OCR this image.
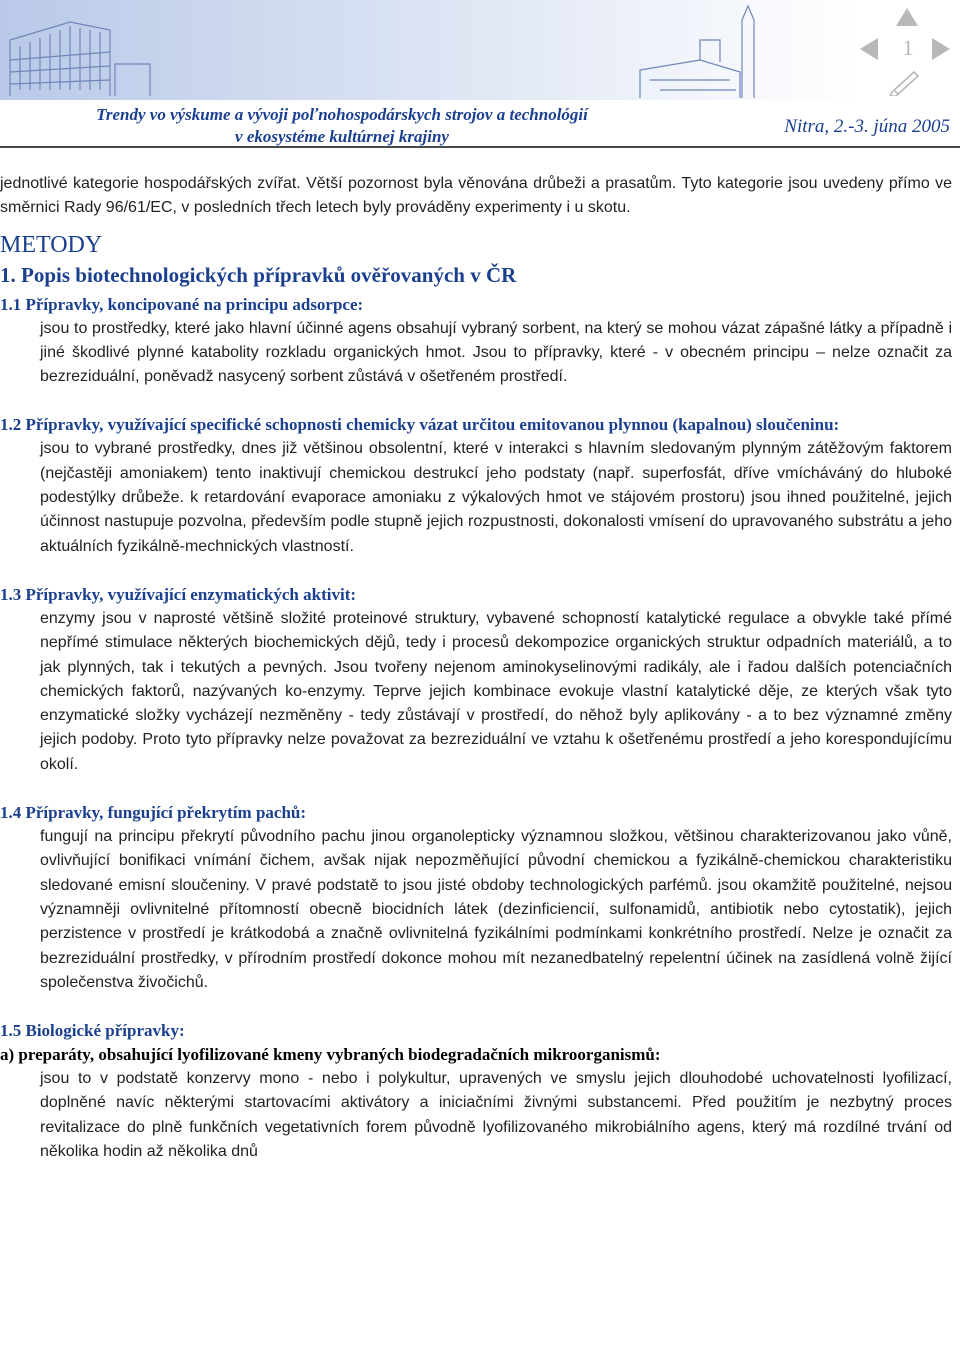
Trendy vo výskume a vývoji poľnohospodárskych strojov a technológií
v ekosystéme kultúrnej krajiny	Nitra, 2.-3. júna 2005
1

jednotlivé kategorie hospodářských zvířat. Větší pozornost byla věnována drůbeži a prasatům. Tyto kategorie jsou uvedeny přímo ve směrnici Rady 96/61/EC, v posledních třech letech byly prováděny experimenty i u skotu.

METODY
1. Popis biotechnologických přípravků ověřovaných v ČR
1.1 Přípravky, koncipované na principu adsorpce:

jsou to prostředky, které jako hlavní účinné agens obsahují vybraný sorbent, na který se mohou vázat zápašné látky a případně i jiné škodlivé plynné katabolity rozkladu organických hmot. Jsou to přípravky, které - v obecném principu – nelze označit za bezreziduální, poněvadž nasycený sorbent zůstává v ošetřeném prostředí.

1.2 Přípravky, využívající specifické schopnosti chemicky vázat určitou emitovanou plynnou (kapalnou) sloučeninu:

jsou to vybrané prostředky, dnes již většinou obsolentní, které v interakci s hlavním sledovaným plynným zátěžovým faktorem (nejčastěji amoniakem) tento inaktivují chemickou destrukcí jeho podstaty (např. superfosfát, dříve vmícháváný do hluboké podestýlky drůbeže. k retardování evaporace amoniaku z výkalových hmot ve stájovém prostoru) jsou ihned použitelné, jejich účinnost nastupuje pozvolna, především podle stupně jejich rozpustnosti, dokonalosti vmísení do upravovaného substrátu a jeho aktuálních fyzikálně-mechnických vlastností.

1.3 Přípravky, využívající enzymatických aktivit:

enzymy jsou v naprosté většině složité proteinové struktury, vybavené schopností katalytické regulace a obvykle také přímé nepřímé stimulace některých biochemických dějů, tedy i procesů dekompozice organických struktur odpadních materiálů, a to jak plynných, tak i tekutých a pevných. Jsou tvořeny nejenom aminokyselinovými radikály, ale i řadou dalších potenciačních chemických faktorů, nazývaných ko-enzymy. Teprve jejich kombinace evokuje vlastní katalytické děje, ze kterých však tyto enzymatické složky vycházejí nezměněny - tedy zůstávají v prostředí, do něhož byly aplikovány - a to bez významné změny jejich podoby. Proto tyto přípravky nelze považovat za bezreziduální ve vztahu k ošetřenému prostředí a jeho korespondujícímu okolí.

1.4 Přípravky, fungující překrytím pachů:

fungují na principu překrytí původního pachu jinou organolepticky významnou složkou, většinou charakterizovanou jako vůně, ovlivňující bonifikaci vnímání čichem, avšak nijak nepozměňující původní chemickou a fyzikálně-chemickou charakteristiku sledované emisní sloučeniny. V pravé podstatě to jsou jisté obdoby technologických parfémů. jsou okamžitě použitelné, nejsou významněji ovlivnitelné přítomností obecně biocidních látek (dezinficiencií, sulfonamidů, antibiotik nebo cytostatik), jejich perzistence v prostředí je krátkodobá a značně ovlivnitelná fyzikálními podmínkami konkrétního prostředí. Nelze je označit za bezreziduální prostředky, v přírodním prostředí dokonce mohou mít nezanedbatelný repelentní účinek na zasídlená volně žijící společenstva živočichů.

1.5 Biologické přípravky:
a) preparáty, obsahující lyofilizované kmeny vybraných biodegradačních mikroorganismů:

jsou to v podstatě konzervy mono - nebo i polykultur, upravených ve smyslu jejich dlouhodobé uchovatelnosti lyofilizací, doplněné navíc některými startovacími aktivátory a iniciačními živnými substancemi. Před použitím je nezbytný proces revitalizace do plně funkčních vegetativních forem původně lyofilizovaného mikrobiálního agens, který má rozdílné trvání od několika hodin až několika dnů
